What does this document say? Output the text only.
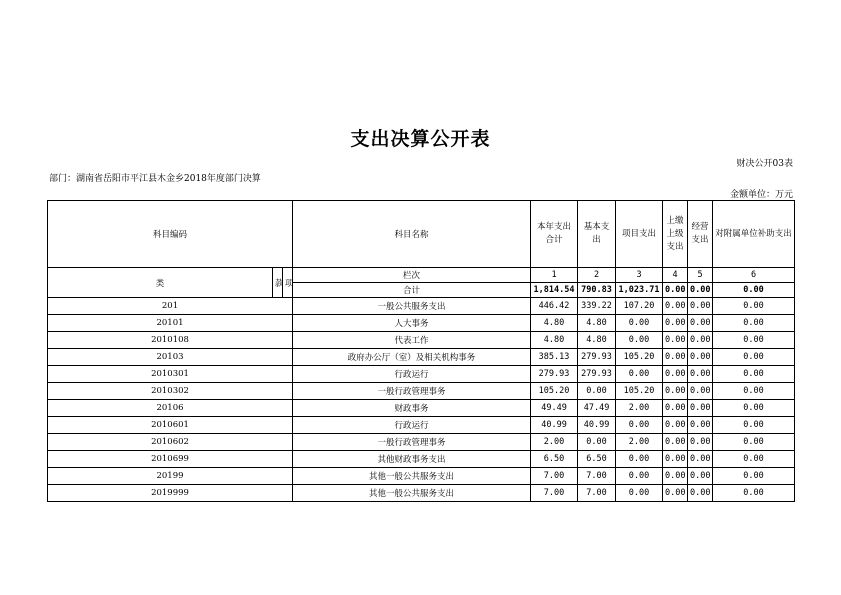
支出决算公开表
财决公开03表
部门：湖南省岳阳市平江县木金乡2018年度部门决算
金额单位：万元
科目编码			科目名称	本年支出合计	基本支出	项目支出	上缴上级支出	经营支出	对附属单位补助支出
类	款	项	栏次	1	2	3	4	5	6
			合计	1,814.54	790.83	1,023.71	0.00	0.00	0.00
201			一般公共服务支出	446.42	339.22	107.20	0.00	0.00	0.00
20101			人大事务	4.80	4.80	0.00	0.00	0.00	0.00
2010108			代表工作	4.80	4.80	0.00	0.00	0.00	0.00
20103			政府办公厅（室）及相关机构事务	385.13	279.93	105.20	0.00	0.00	0.00
2010301			行政运行	279.93	279.93	0.00	0.00	0.00	0.00
2010302			一般行政管理事务	105.20	0.00	105.20	0.00	0.00	0.00
20106			财政事务	49.49	47.49	2.00	0.00	0.00	0.00
2010601			行政运行	40.99	40.99	0.00	0.00	0.00	0.00
2010602			一般行政管理事务	2.00	0.00	2.00	0.00	0.00	0.00
2010699			其他财政事务支出	6.50	6.50	0.00	0.00	0.00	0.00
20199			其他一般公共服务支出	7.00	7.00	0.00	0.00	0.00	0.00
2019999			其他一般公共服务支出	7.00	7.00	0.00	0.00	0.00	0.00
